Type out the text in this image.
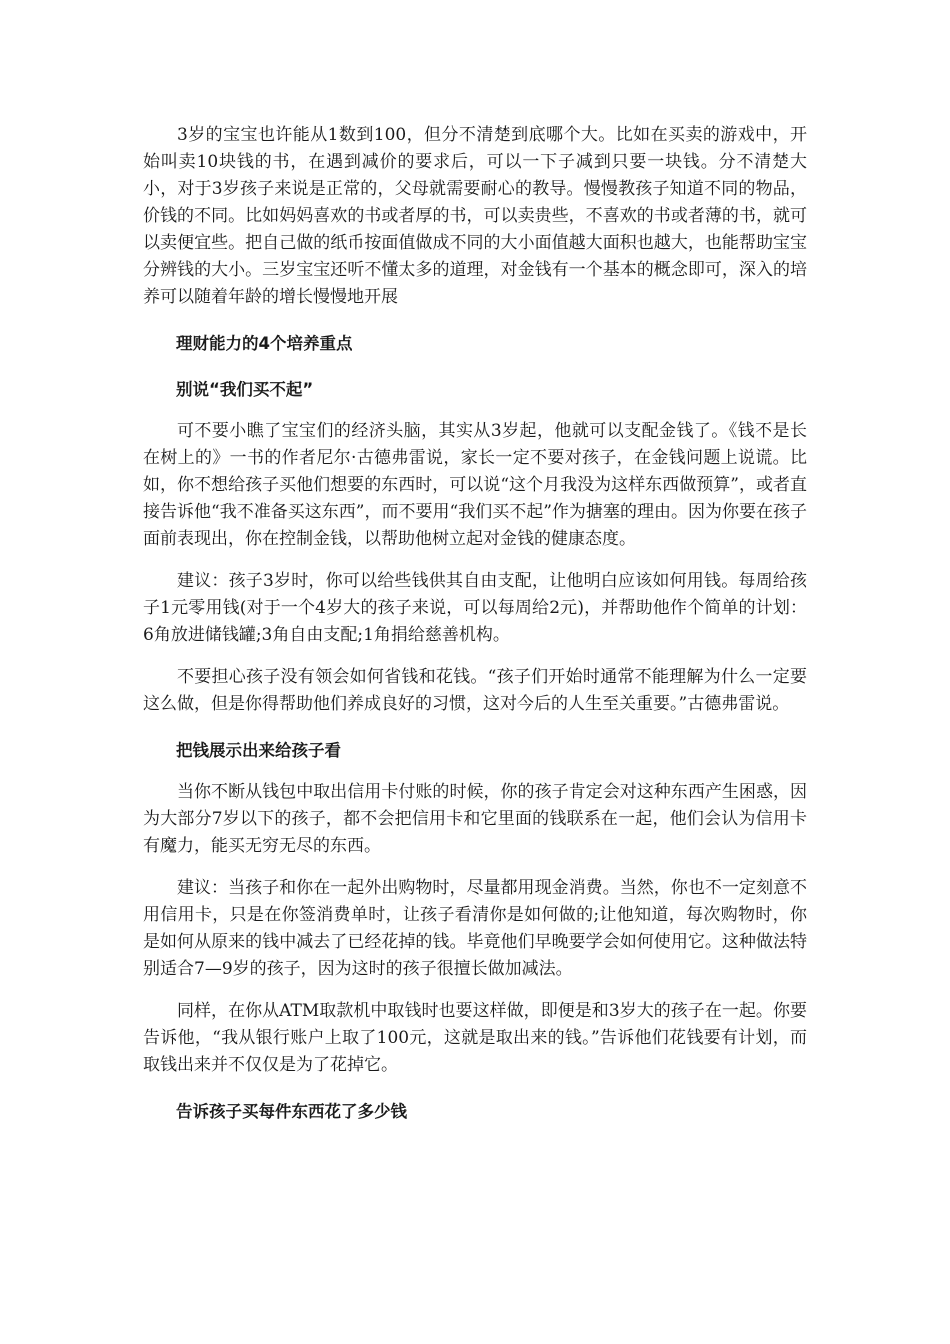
3岁的宝宝也许能从1数到100，但分不清楚到底哪个大。比如在买卖的游戏中，开始叫卖10块钱的书，在遇到减价的要求后，可以一下子减到只要一块钱。分不清楚大小，对于3岁孩子来说是正常的，父母就需要耐心的教导。慢慢教孩子知道不同的物品，价钱的不同。比如妈妈喜欢的书或者厚的书，可以卖贵些，不喜欢的书或者薄的书，就可以卖便宜些。把自己做的纸币按面值做成不同的大小面值越大面积也越大，也能帮助宝宝分辨钱的大小。三岁宝宝还听不懂太多的道理，对金钱有一个基本的概念即可，深入的培养可以随着年龄的增长慢慢地开展

理财能力的4个培养重点

别说“我们买不起”

可不要小瞧了宝宝们的经济头脑，其实从3岁起，他就可以支配金钱了。《钱不是长在树上的》一书的作者尼尔·古德弗雷说，家长一定不要对孩子，在金钱问题上说谎。比如，你不想给孩子买他们想要的东西时，可以说“这个月我没为这样东西做预算”，或者直接告诉他“我不准备买这东西”，而不要用“我们买不起”作为搪塞的理由。因为你要在孩子面前表现出，你在控制金钱，以帮助他树立起对金钱的健康态度。

建议：孩子3岁时，你可以给些钱供其自由支配，让他明白应该如何用钱。每周给孩子1元零用钱(对于一个4岁大的孩子来说，可以每周给2元)，并帮助他作个简单的计划：6角放进储钱罐;3角自由支配;1角捐给慈善机构。

不要担心孩子没有领会如何省钱和花钱。“孩子们开始时通常不能理解为什么一定要这么做，但是你得帮助他们养成良好的习惯，这对今后的人生至关重要。”古德弗雷说。

把钱展示出来给孩子看

当你不断从钱包中取出信用卡付账的时候，你的孩子肯定会对这种东西产生困惑，因为大部分7岁以下的孩子，都不会把信用卡和它里面的钱联系在一起，他们会认为信用卡有魔力，能买无穷无尽的东西。

建议：当孩子和你在一起外出购物时，尽量都用现金消费。当然，你也不一定刻意不用信用卡，只是在你签消费单时，让孩子看清你是如何做的;让他知道，每次购物时，你是如何从原来的钱中减去了已经花掉的钱。毕竟他们早晚要学会如何使用它。这种做法特别适合7—9岁的孩子，因为这时的孩子很擅长做加减法。

同样，在你从ATM取款机中取钱时也要这样做，即便是和3岁大的孩子在一起。你要告诉他，“我从银行账户上取了100元，这就是取出来的钱。”告诉他们花钱要有计划，而取钱出来并不仅仅是为了花掉它。

告诉孩子买每件东西花了多少钱
